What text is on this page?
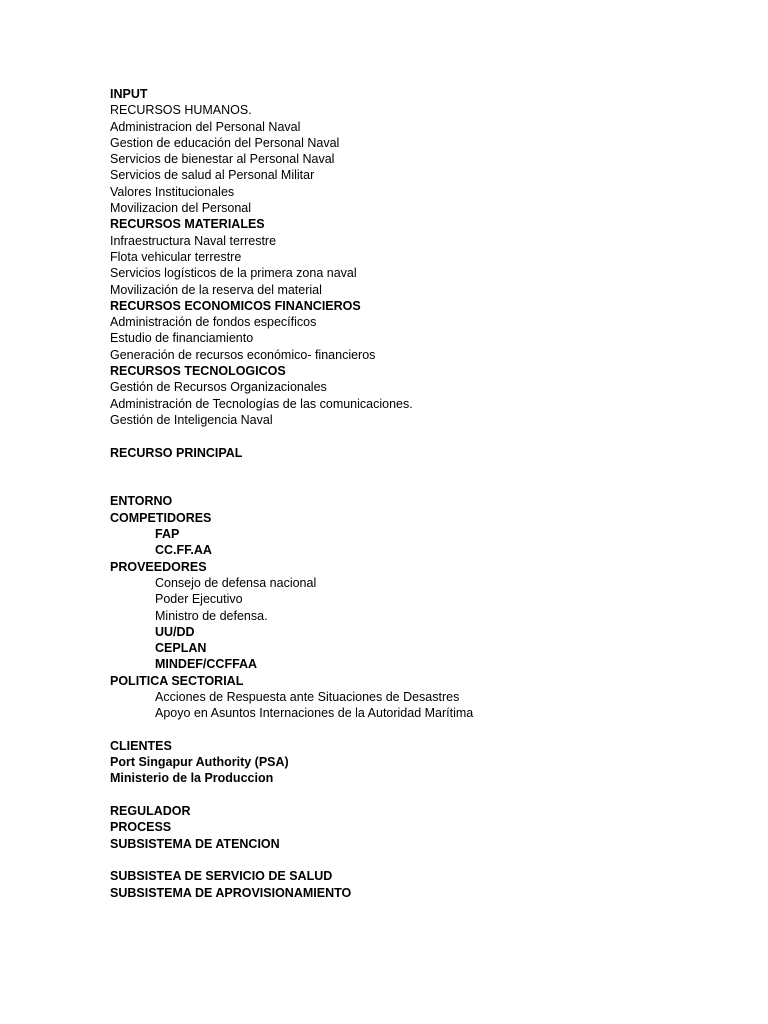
INPUT
RECURSOS HUMANOS.
Administracion del Personal Naval
Gestion de educación del Personal Naval
Servicios de bienestar al Personal Naval
Servicios de salud al Personal Militar
Valores Institucionales
Movilizacion del Personal
RECURSOS MATERIALES
Infraestructura Naval terrestre
Flota vehicular terrestre
Servicios logísticos de la primera zona naval
Movilización de la reserva del material
RECURSOS ECONOMICOS FINANCIEROS
Administración de fondos específicos
Estudio de financiamiento
Generación de recursos económico- financieros
RECURSOS TECNOLOGICOS
Gestión de Recursos Organizacionales
Administración de Tecnologías de las comunicaciones.
Gestión de Inteligencia Naval
RECURSO PRINCIPAL
ENTORNO
COMPETIDORES
FAP
CC.FF.AA
PROVEEDORES
Consejo de defensa nacional
Poder Ejecutivo
Ministro de defensa.
UU/DD
CEPLAN
MINDEF/CCFFAA
POLITICA SECTORIAL
Acciones de Respuesta ante Situaciones de Desastres
Apoyo en Asuntos Internaciones de la Autoridad Marítima
CLIENTES
Port Singapur Authority (PSA)
Ministerio de la Produccion
REGULADOR
PROCESS
SUBSISTEMA DE ATENCION
SUBSISTEA DE SERVICIO DE SALUD
SUBSISTEMA DE APROVISIONAMIENTO
